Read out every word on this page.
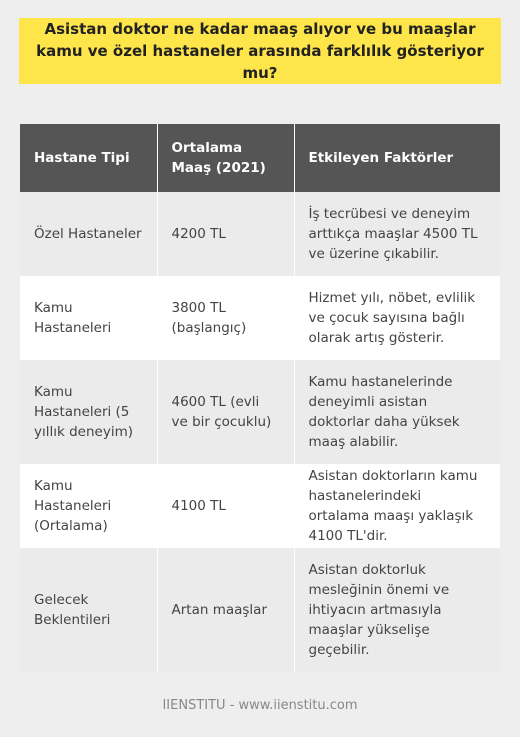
Asistan doktor ne kadar maaş alıyor ve bu maaşlar kamu ve özel hastaneler arasında farklılık gösteriyor mu?
Hastane Tipi	Ortalama Maaş (2021)	Etkileyen Faktörler
Özel Hastaneler	4200 TL	İş tecrübesi ve deneyim arttıkça maaşlar 4500 TL ve üzerine çıkabilir.
Kamu Hastaneleri	3800 TL (başlangıç)	Hizmet yılı, nöbet, evlilik ve çocuk sayısına bağlı olarak artış gösterir.
Kamu Hastaneleri (5 yıllık deneyim)	4600 TL (evli ve bir çocuklu)	Kamu hastanelerinde deneyimli asistan doktorlar daha yüksek maaş alabilir.
Kamu Hastaneleri (Ortalama)	4100 TL	Asistan doktorların kamu hastanelerindeki ortalama maaşı yaklaşık 4100 TL'dir.
Gelecek Beklentileri	Artan maaşlar	Asistan doktorluk mesleğinin önemi ve ihtiyacın artmasıyla maaşlar yükselişe geçebilir.
IIENSTITU - www.iienstitu.com
